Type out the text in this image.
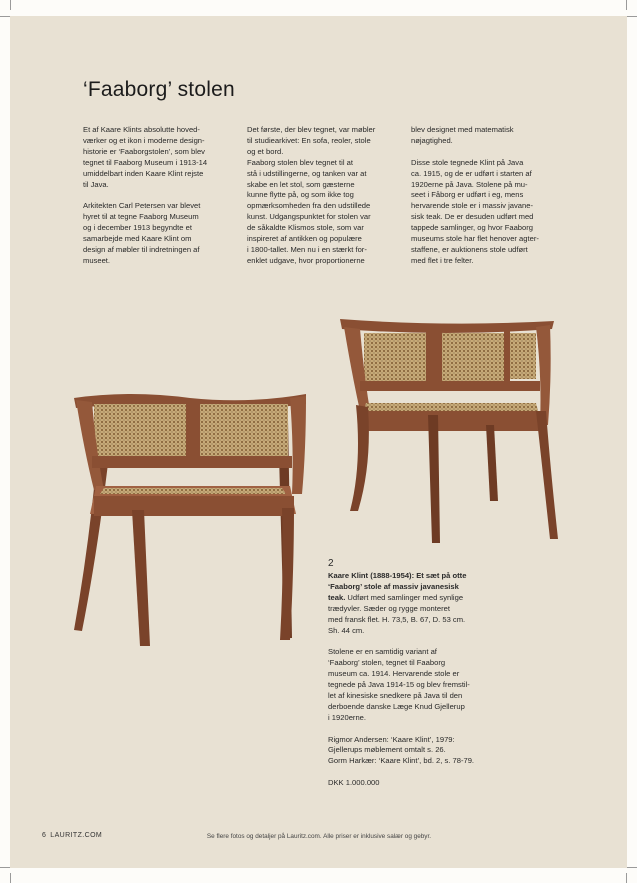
‘Faaborg’ stolen

Et af Kaare Klints absolutte hoved-
værker og et ikon i moderne design-
historie er ‘Faaborgstolen’, som blev
tegnet til Faaborg Museum i 1913-14
umiddelbart inden Kaare Klint rejste
til Java.

Arkitekten Carl Petersen var blevet
hyret til at tegne Faaborg Museum
og i december 1913 begyndte et
samarbejde med Kaare Klint om
design af møbler til indretningen af
museet.

Det første, der blev tegnet, var møbler
til studiearkivet: En sofa, reoler, stole
og et bord.
Faaborg stolen blev tegnet til at
stå i udstillingerne, og tanken var at
skabe en let stol, som gæsterne
kunne flytte på, og som ikke tog
opmærksomheden fra den udstillede
kunst. Udgangspunktet for stolen var
de såkaldte Klismos stole, som var
inspireret af antikken og populære
i 1800-tallet. Men nu i en stærkt for-
enklet udgave, hvor proportionerne

blev designet med matematisk
nøjagtighed.

Disse stole tegnede Klint på Java
ca. 1915, og de er udført i starten af
1920erne på Java. Stolene på mu-
seet i Fåborg er udført i eg, mens
hervarende stole er i massiv javane-
sisk teak. De er desuden udført med
tappede samlinger, og hvor Faaborg
museums stole har flet henover agter-
staffene, er auktionens stole udført
med flet i tre felter.

2

Kaare Klint (1888-1954): Et sæt på otte
‘Faaborg’ stole af massiv javanesisk
teak. Udført med samlinger med synlige
trædyvler. Sæder og rygge monteret
med fransk flet. H. 73,5, B. 67, D. 53 cm.
Sh. 44 cm.

Stolene er en samtidig variant af
‘Faaborg’ stolen, tegnet til Faaborg
museum ca. 1914. Hervarende stole er
tegnede på Java 1914-15 og blev fremstil-
let af kinesiske snedkere på Java til den
derboende danske Læge Knud Gjellerup
i 1920erne.

Rigmor Andersen: ‘Kaare Klint’, 1979:
Gjellerups møblement omtalt s. 26.
Gorm Harkær: ‘Kaare Klint’, bd. 2, s. 78-79.

DKK 1.000.000

6 LAURITZ.COM	Se flere fotos og detaljer på Lauritz.com. Alle priser er inklusive salær og gebyr.
